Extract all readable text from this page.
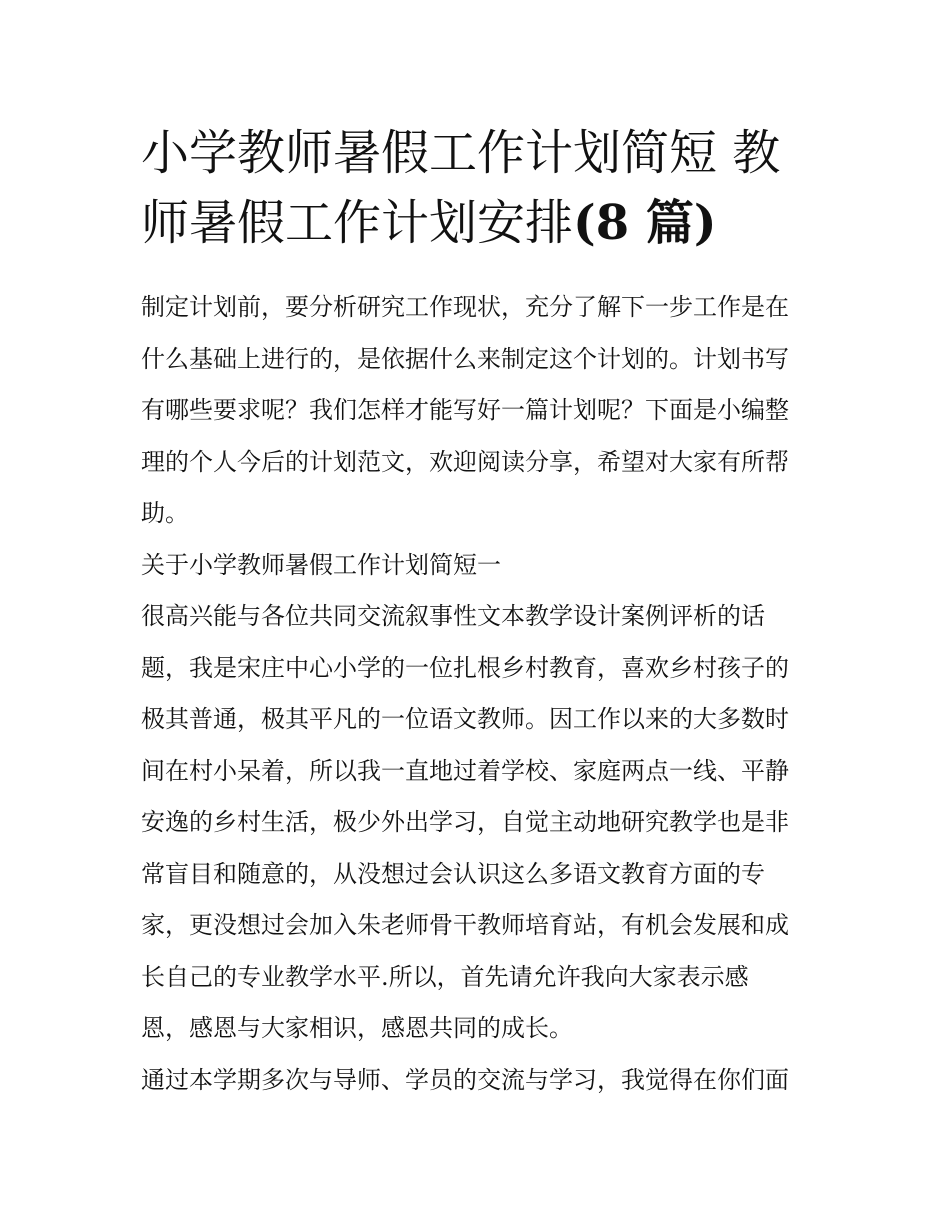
小学教师暑假工作计划简短 教
师暑假工作计划安排(8 篇)

制定计划前，要分析研究工作现状，充分了解下一步工作是在
什么基础上进行的，是依据什么来制定这个计划的。计划书写
有哪些要求呢？我们怎样才能写好一篇计划呢？下面是小编整
理的个人今后的计划范文，欢迎阅读分享，希望对大家有所帮
助。

关于小学教师暑假工作计划简短一

很高兴能与各位共同交流叙事性文本教学设计案例评析的话
题，我是宋庄中心小学的一位扎根乡村教育，喜欢乡村孩子的
极其普通，极其平凡的一位语文教师。因工作以来的大多数时
间在村小呆着，所以我一直地过着学校、家庭两点一线、平静
安逸的乡村生活，极少外出学习，自觉主动地研究教学也是非
常盲目和随意的，从没想过会认识这么多语文教育方面的专
家，更没想过会加入朱老师骨干教师培育站，有机会发展和成
长自己的专业教学水平.所以，首先请允许我向大家表示感
恩，感恩与大家相识，感恩共同的成长。

通过本学期多次与导师、学员的交流与学习，我觉得在你们面
